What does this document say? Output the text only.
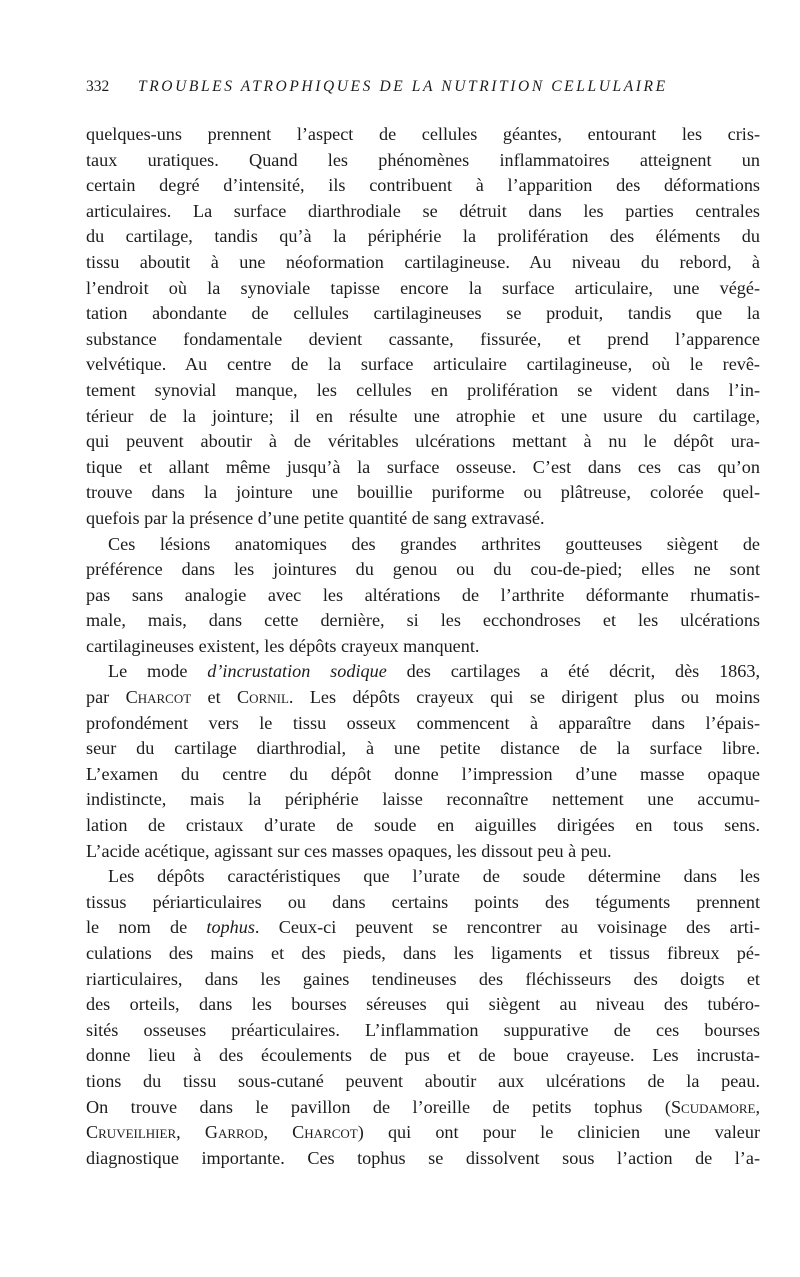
332 TROUBLES ATROPHIQUES DE LA NUTRITION CELLULAIRE
quelques-uns prennent l’aspect de cellules géantes, entourant les cris-
taux uratiques. Quand les phénomènes inflammatoires atteignent un
certain degré d’intensité, ils contribuent à l’apparition des déformations
articulaires. La surface diarthrodiale se détruit dans les parties centrales
du cartilage, tandis qu’à la périphérie la prolifération des éléments du
tissu aboutit à une néoformation cartilagineuse. Au niveau du rebord, à
l’endroit où la synoviale tapisse encore la surface articulaire, une végé-
tation abondante de cellules cartilagineuses se produit, tandis que la
substance fondamentale devient cassante, fissurée, et prend l’apparence
velvétique. Au centre de la surface articulaire cartilagineuse, où le revê-
tement synovial manque, les cellules en prolifération se vident dans l’in-
térieur de la jointure; il en résulte une atrophie et une usure du cartilage,
qui peuvent aboutir à de véritables ulcérations mettant à nu le dépôt ura-
tique et allant même jusqu’à la surface osseuse. C’est dans ces cas qu’on
trouve dans la jointure une bouillie puriforme ou plâtreuse, colorée quel-
quefois par la présence d’une petite quantité de sang extravasé.
Ces lésions anatomiques des grandes arthrites goutteuses siègent de
préférence dans les jointures du genou ou du cou-de-pied; elles ne sont
pas sans analogie avec les altérations de l’arthrite déformante rhumatis-
male, mais, dans cette dernière, si les ecchondroses et les ulcérations
cartilagineuses existent, les dépôts crayeux manquent.
Le mode d’incrustation sodique des cartilages a été décrit, dès 1863,
par Charcot et Cornil. Les dépôts crayeux qui se dirigent plus ou moins
profondément vers le tissu osseux commencent à apparaître dans l’épais-
seur du cartilage diarthrodial, à une petite distance de la surface libre.
L’examen du centre du dépôt donne l’impression d’une masse opaque
indistincte, mais la périphérie laisse reconnaître nettement une accumu-
lation de cristaux d’urate de soude en aiguilles dirigées en tous sens.
L’acide acétique, agissant sur ces masses opaques, les dissout peu à peu.
Les dépôts caractéristiques que l’urate de soude détermine dans les
tissus périarticulaires ou dans certains points des téguments prennent
le nom de tophus. Ceux-ci peuvent se rencontrer au voisinage des arti-
culations des mains et des pieds, dans les ligaments et tissus fibreux pé-
riarticulaires, dans les gaines tendineuses des fléchisseurs des doigts et
des orteils, dans les bourses séreuses qui siègent au niveau des tubéro-
sités osseuses préarticulaires. L’inflammation suppurative de ces bourses
donne lieu à des écoulements de pus et de boue crayeuse. Les incrusta-
tions du tissu sous-cutané peuvent aboutir aux ulcérations de la peau.
On trouve dans le pavillon de l’oreille de petits tophus (Scudamore,
Cruveilhier, Garrod, Charcot) qui ont pour le clinicien une valeur
diagnostique importante. Ces tophus se dissolvent sous l’action de l’a-
